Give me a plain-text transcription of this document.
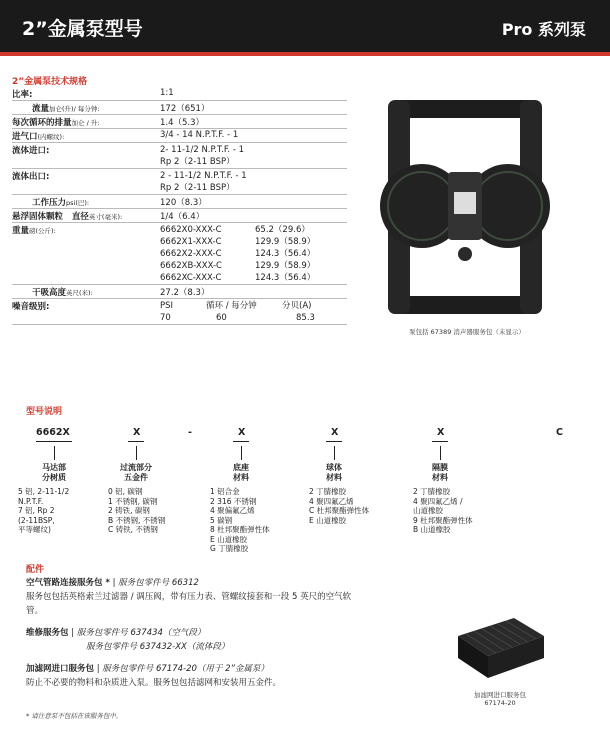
2”金属泵型号	Pro 系列泵
2”金属泵技术规格
比率:	1:1
流量加仑(升)/ 每分钟:	172（651）
每次循环的排量加仑 / 升:	1.4（5.3）
进气口(内螺纹):	3/4 - 14 N.P.T.F. - 1
流体进口:	2- 11-1/2 N.P.T.F. - 1
Rp 2（2-11 BSP）
流体出口:	2 - 11-1/2 N.P.T.F. - 1
Rp 2（2-11 BSP）
工作压力psi(巴):	120（8.3）
悬浮固体颗粒 直径英寸(毫米):	1/4（6.4）
重量磅(公斤):	6662X0-XXX-C	65.2（29.6）
6662X1-XXX-C	129.9（58.9）
6662X2-XXX-C	124.3（56.4）
6662XB-XXX-C	129.9（58.9）
6662XC-XXX-C	124.3（56.4）
干吸高度英尺(米):	27.2（8.3）
噪音级别:	PSI	循环 / 每分钟	分贝(A)
70	60	85.3
泵包括 67389 消声器服务包（未显示）
型号说明
6662X	X	-	X	X	X	C
马达部
分树质
过流部分
五金件
底座
材料
球体
材料
隔膜
材料
5 铝, 2-11-1/2
N.P.T.F.
7 铝, Rp 2
(2-11BSP,
平等螺纹)
0 铝, 碳钢
1 不锈钢, 碳钢
2 铸铁, 碳钢
B 不锈钢, 不锈钢
C 铸铁, 不锈钢
1 铝合金
2 316 不锈钢
4 聚偏氟乙烯
5 碳钢
8 杜邦聚酯弹性体
E 山道橡胶
G 丁腈橡胶
2 丁腈橡胶
4 聚四氟乙烯
C 杜邦聚酯弹性体
E 山道橡胶
2 丁腈橡胶
4 聚四氟乙烯 /
山道橡胶
9 杜邦聚酯弹性体
B 山道橡胶
配件
空气管路连接服务包 * | 服务包零件号 66312
服务包包括英格索兰过滤器 / 调压阀，带有压力表、管螺纹接套和一段 5 英尺的空气软管。
维修服务包 | 服务包零件号 637434（空气段）
服务包零件号 637432-XX（流体段）
加滤网进口服务包 | 服务包零件号 67174-20（用于 2”金属泵）
防止不必要的物料和杂质进入泵。服务包包括滤网和安装用五金件。
加滤网进口服务包
67174-20
* 请注意泵不包括在该服务包中。
